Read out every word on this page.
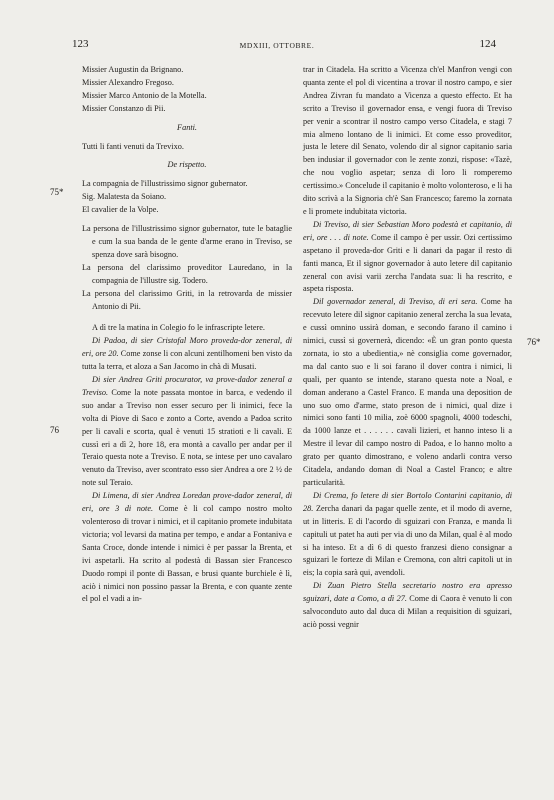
123	MDXIII, OTTOBRE.	124
75*
76
76*

Missier Augustin da Brignano.

Missier Alexandro Fregoso.

Missier Marco Antonio de la Motella.

Missier Constanzo di Pii.

Fanti.

Tutti li fanti venuti da Trevixo.

De rispetto.

La compagnia de l'illustrissimo signor gubernator.

Sig. Malatesta da Soiano.

El cavalier de la Volpe.

La persona de l'illustrissimo signor gubernator, tute le bataglie e cum la sua banda de le gente d'arme erano in Treviso, se spenza dove sarà bisogno.

La persona del clarissimo proveditor Lauredano, in la compagnia de l'illustre sig. Todero.

La persona del clarissimo Griti, in la retrovarda de missier Antonio di Pii.

A dì tre la matina in Colegio fo le infrascripte letere.

Di Padoa, di sier Cristofal Moro proveda-dor zeneral, di eri, ore 20. Come zonse li con alcuni zentilhomeni ben visto da tutta la terra, et aloza a San Jacomo in chà di Musati.

Di sier Andrea Griti procurator, va prove-dador zeneral a Treviso. Come la note passata montoe in barca, e vedendo il suo andar a Treviso non esser securo per li inimici, fece la volta di Piove di Saco e zonto a Corte, avendo a Padoa scrito per li cavali e scorta, qual è venuti 15 stratioti e li cavali. E cussì eri a dì 2, hore 18, era montà a cavallo per andar per il Teraio questa note a Treviso. E nota, se intese per uno cavalaro venuto da Treviso, aver scontrato esso sier Andrea a ore 2 ½ de note sul Teraio.

Di Limena, di sier Andrea Loredan prove-dador zeneral, di eri, ore 3 di note. Come è li col campo nostro molto volenteroso di trovar i nimici, et il capitanio promete indubitata victoria; vol levarsi da matina per tempo, e andar a Fontaniva e Santa Croce, donde intende i nimici è per passar la Brenta, et ivi aspetarli. Ha scrito al podestà di Bassan sier Francesco Duodo rompi il ponte di Bassan, e brusi quante burchiele è lì, aciò i nimici non possino passar la Brenta, e con quante zente el pol el vadi a in-

trar in Citadela. Ha scritto a Vicenza ch'el Manfron vengi con quanta zente el pol di vicentina a trovar il nostro campo, e sier Andrea Zivran fu mandato a Vicenza a questo effecto. Et ha scrito a Treviso il governador ensa, e vengi fuora di Treviso per venir a scontrar il nostro campo verso Citadela, e stagi 7 mia almeno lontano de li inimici. Et come esso proveditor, justa le letere dil Senato, volendo dir al signor capitanio saria ben indusiar il governador con le zente zonzi, rispose: «Tazè, che nou voglio aspetar; senza di loro li romperemo certissimo.» Concelude il capitanio è molto volonteroso, e li ha dito scrivà a la Signoria ch'è San Francesco; faremo la zornata e li promete indubitata victoria.

Di Treviso, di sier Sebastian Moro podestà et capitanio, di eri, ore . . . di note. Come il campo è per ussir. Ozi certissimo aspetano il proveda-dor Griti e li danari da pagar il resto di fanti manca, Et il signor governador à auto letere dil capitanio zeneral con avisi varii zercha l'andata sua: li ha rescrito, e aspeta risposta.

Dil governador zeneral, di Treviso, di eri sera. Come ha recevuto letere dil signor capitanio zeneral zercha la sua levata, e cussì omnino ussirà doman, e secondo farano il camino i nimici, cussì si governerà, dicendo: «È un gran ponto questa zornata, io sto a ubedientia,» nè consiglia come governador, ma dal canto suo e li soi farano il dover contra i nimici, li quali, per quanto se intende, starano questa note a Noal, e doman anderano a Castel Franco. E manda una deposition de uno suo omo d'arme, stato preson de i nimici, qual dize i nimici sono fanti 10 milia, zoè 6000 spagnoli, 4000 todeschi, da 1000 lanze et . . . . . . cavali lizieri, et hanno inteso li a Mestre il levar dil campo nostro di Padoa, e lo hanno molto a grato per quanto dimostrano, e voleno andarli contra verso Citadela, andando doman di Noal a Castel Franco; e altre particularità.

Di Crema, fo letere di sier Bortolo Contarini capitanio, di 28. Zercha danari da pagar quelle zente, et il modo di averne, ut in litteris. E di l'acordo di sguizari con Franza, e manda li capituli ut patet ha auti per via di uno da Milan, qual è al modo si ha inteso. Et a dì 6 di questo franzesi dieno consignar a sguizari le forteze di Milan e Cremona, con altri capitoli ut in eis; la copia sarà qui, avendoli.

Di Zuan Pietro Stella secretario nostro era apresso sguizari, date a Como, a dì 27. Come di Caora è venuto li con salvoconduto auto dal duca di Milan a requisition di sguizari, aciò possi vegnir
